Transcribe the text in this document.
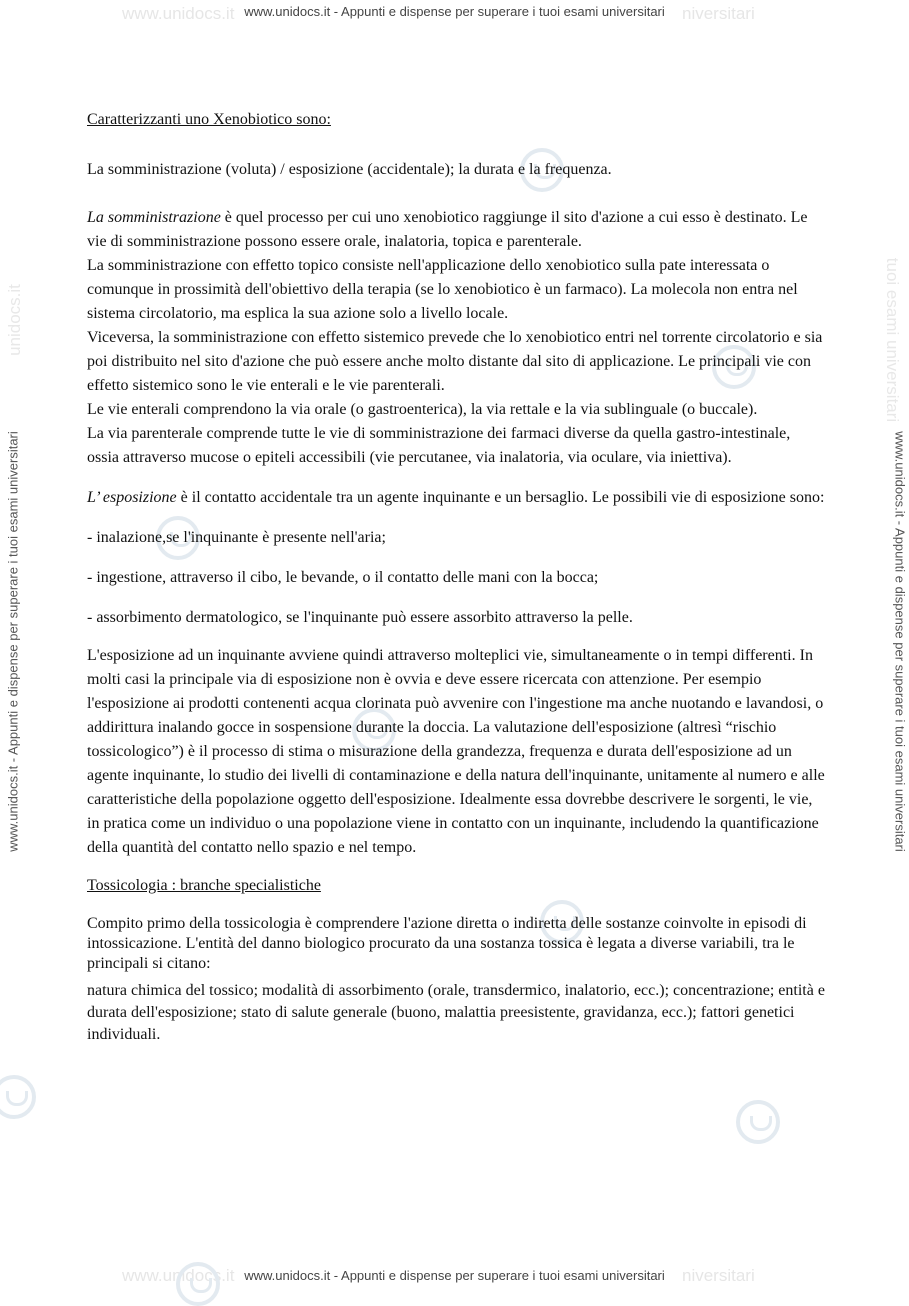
www.unidocs.it	niversitari
www.unidocs.it - Appunti e dispense per superare i tuoi esami universitari
www.unidocs.it	niversitari
www.unidocs.it - Appunti e dispense per superare i tuoi esami universitari
www.unidocs.it - Appunti e dispense per superare i tuoi esami universitari	www.unidocs.it - Appunti e dispense per superare i tuoi esami universitari
unidocs.it	tuoi esami universitari

Caratterizzanti uno Xenobiotico sono:

La somministrazione (voluta) / esposizione (accidentale); la durata e la frequenza.

La somministrazione è quel processo per cui uno xenobiotico raggiunge il sito d'azione a cui esso è destinato. Le vie di somministrazione possono essere orale, inalatoria, topica e parenterale.

La somministrazione con effetto topico consiste nell'applicazione dello xenobiotico sulla pate interessata o comunque in prossimità dell'obiettivo della terapia (se lo xenobiotico è un farmaco). La molecola non entra nel sistema circolatorio, ma esplica la sua azione solo a livello locale.

Viceversa, la somministrazione con effetto sistemico prevede che lo xenobiotico entri nel torrente circolatorio e sia poi distribuito nel sito d'azione che può essere anche molto distante dal sito di applicazione. Le principali vie con effetto sistemico sono le vie enterali e le vie parenterali.

Le vie enterali comprendono la via orale (o gastroenterica), la via rettale e la via sublinguale (o buccale).

La via parenterale comprende tutte le vie di somministrazione dei farmaci diverse da quella gastro-intestinale, ossia attraverso mucose o epiteli accessibili (vie percutanee, via inalatoria, via oculare, via iniettiva).

L’ esposizione è il contatto accidentale tra un agente inquinante e un bersaglio. Le possibili vie di esposizione sono:

- inalazione,se l'inquinante è presente nell'aria;

- ingestione, attraverso il cibo, le bevande, o il contatto delle mani con la bocca;

- assorbimento dermatologico, se l'inquinante può essere assorbito attraverso la pelle.

L'esposizione ad un inquinante avviene quindi attraverso molteplici vie, simultaneamente o in tempi differenti. In molti casi la principale via di esposizione non è ovvia e deve essere ricercata con attenzione. Per esempio l'esposizione ai prodotti contenenti acqua clorinata può avvenire con l'ingestione ma anche nuotando e lavandosi, o addirittura inalando gocce in sospensione durante la doccia. La valutazione dell'esposizione (altresì “rischio tossicologico”) è il processo di stima o misurazione della grandezza, frequenza e durata dell'esposizione ad un agente inquinante, lo studio dei livelli di contaminazione e della natura dell'inquinante, unitamente al numero e alle caratteristiche della popolazione oggetto dell'esposizione. Idealmente essa dovrebbe descrivere le sorgenti, le vie, in pratica come un individuo o una popolazione viene in contatto con un inquinante, includendo la quantificazione della quantità del contatto nello spazio e nel tempo.

Tossicologia : branche specialistiche

Compito primo della tossicologia è comprendere l'azione diretta o indiretta delle sostanze coinvolte in episodi di intossicazione. L'entità del danno biologico procurato da una sostanza tossica è legata a diverse variabili, tra le principali si citano:

natura chimica del tossico; modalità di assorbimento (orale, transdermico, inalatorio, ecc.); concentrazione; entità e durata dell'esposizione; stato di salute generale (buono, malattia preesistente, gravidanza, ecc.); fattori genetici individuali.
